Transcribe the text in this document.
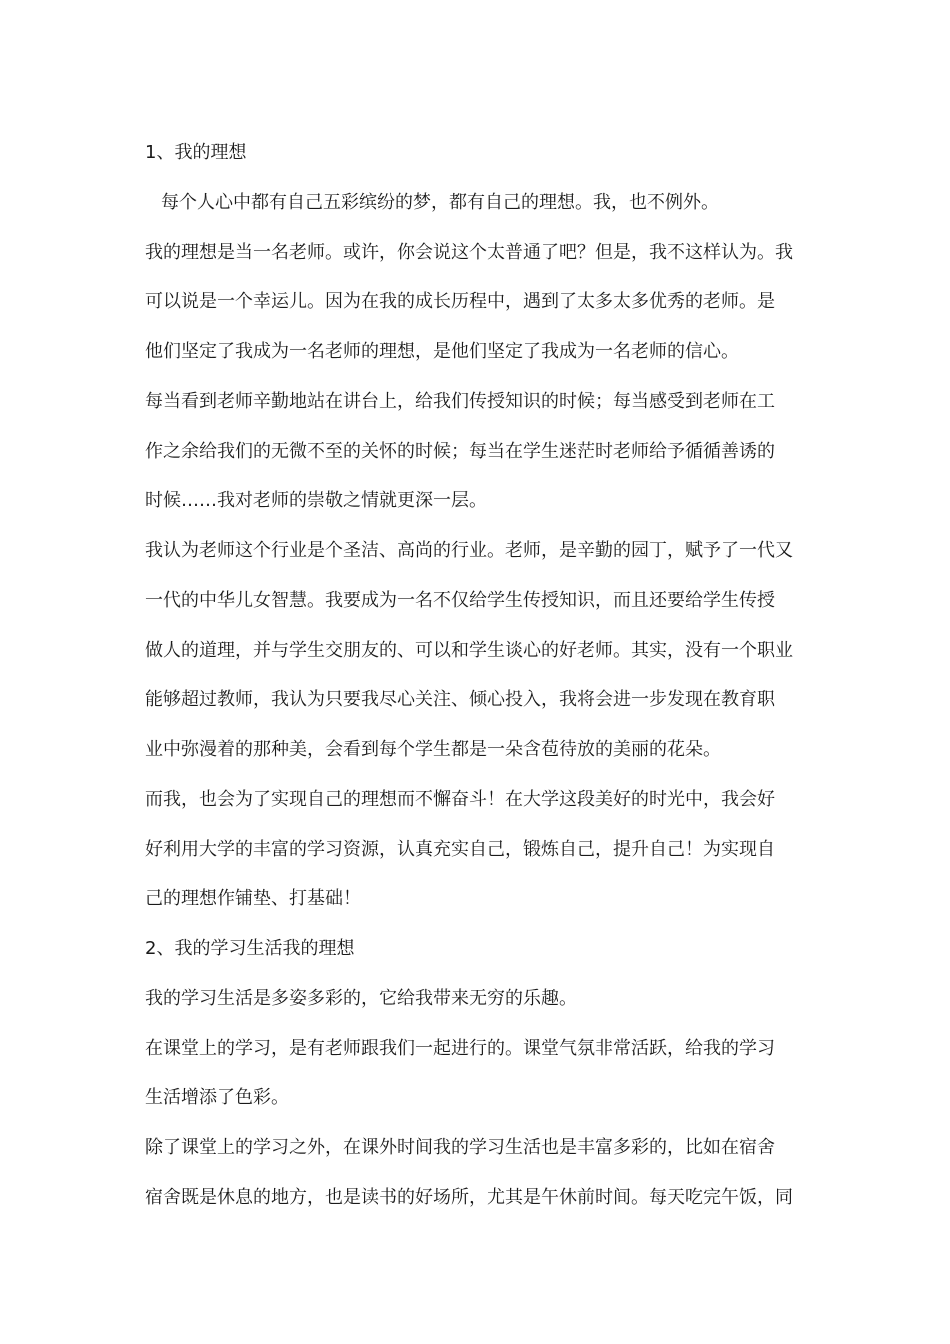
1、我的理想
每个人心中都有自己五彩缤纷的梦，都有自己的理想。我，也不例外。
我的理想是当一名老师。或许，你会说这个太普通了吧？但是，我不这样认为。我
可以说是一个幸运儿。因为在我的成长历程中，遇到了太多太多优秀的老师。是
他们坚定了我成为一名老师的理想，是他们坚定了我成为一名老师的信心。
每当看到老师辛勤地站在讲台上，给我们传授知识的时候；每当感受到老师在工
作之余给我们的无微不至的关怀的时候；每当在学生迷茫时老师给予循循善诱的
时候……我对老师的崇敬之情就更深一层。
我认为老师这个行业是个圣洁、高尚的行业。老师，是辛勤的园丁，赋予了一代又
一代的中华儿女智慧。我要成为一名不仅给学生传授知识，而且还要给学生传授
做人的道理，并与学生交朋友的、可以和学生谈心的好老师。其实，没有一个职业
能够超过教师，我认为只要我尽心关注、倾心投入，我将会进一步发现在教育职
业中弥漫着的那种美，会看到每个学生都是一朵含苞待放的美丽的花朵。
而我，也会为了实现自己的理想而不懈奋斗！在大学这段美好的时光中，我会好
好利用大学的丰富的学习资源，认真充实自己，锻炼自己，提升自己！为实现自
己的理想作铺垫、打基础！
2、我的学习生活我的理想
我的学习生活是多姿多彩的，它给我带来无穷的乐趣。
在课堂上的学习，是有老师跟我们一起进行的。课堂气氛非常活跃，给我的学习
生活增添了色彩。
除了课堂上的学习之外，在课外时间我的学习生活也是丰富多彩的，比如在宿舍
宿舍既是休息的地方，也是读书的好场所，尤其是午休前时间。每天吃完午饭，同
